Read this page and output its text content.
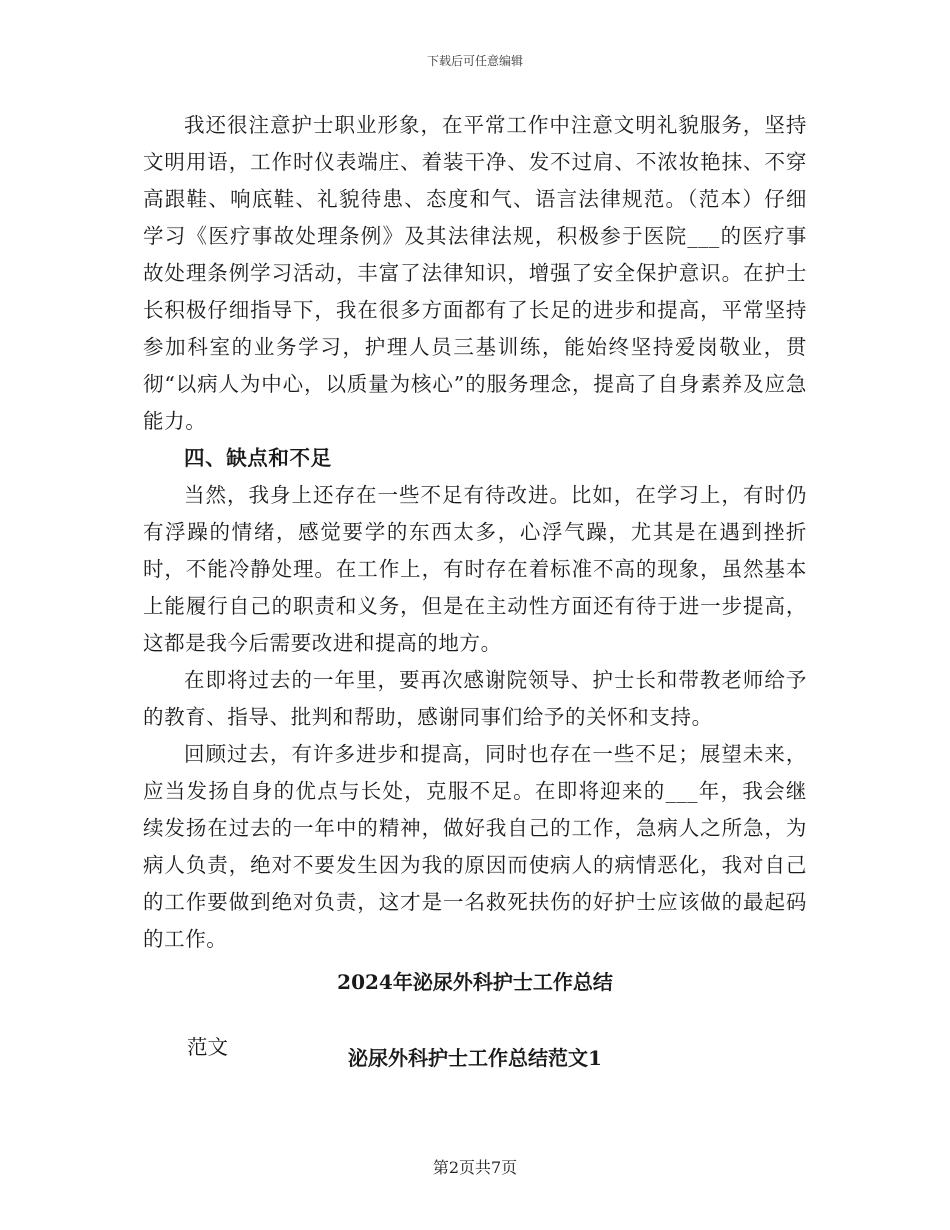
下载后可任意编辑

我还很注意护士职业形象，在平常工作中注意文明礼貌服务，坚持文明用语，工作时仪表端庄、着装干净、发不过肩、不浓妆艳抹、不穿高跟鞋、响底鞋、礼貌待患、态度和气、语言法律规范。（范本）仔细学习《医疗事故处理条例》及其法律法规，积极参于医院___的医疗事故处理条例学习活动，丰富了法律知识，增强了安全保护意识。在护士长积极仔细指导下，我在很多方面都有了长足的进步和提高，平常坚持参加科室的业务学习，护理人员三基训练，能始终坚持爱岗敬业，贯彻“以病人为中心，以质量为核心”的服务理念，提高了自身素养及应急能力。

四、缺点和不足

当然，我身上还存在一些不足有待改进。比如，在学习上，有时仍有浮躁的情绪，感觉要学的东西太多，心浮气躁，尤其是在遇到挫折时，不能冷静处理。在工作上，有时存在着标准不高的现象，虽然基本上能履行自己的职责和义务，但是在主动性方面还有待于进一步提高，这都是我今后需要改进和提高的地方。

在即将过去的一年里，要再次感谢院领导、护士长和带教老师给予的教育、指导、批判和帮助，感谢同事们给予的关怀和支持。

回顾过去，有许多进步和提高，同时也存在一些不足；展望未来，应当发扬自身的优点与长处，克服不足。在即将迎来的___年，我会继续发扬在过去的一年中的精神，做好我自己的工作，急病人之所急，为病人负责，绝对不要发生因为我的原因而使病人的病情恶化，我对自己的工作要做到绝对负责，这才是一名救死扶伤的好护士应该做的最起码的工作。

2024年泌尿外科护士工作总结
范文	泌尿外科护士工作总结范文1
第2页共7页
